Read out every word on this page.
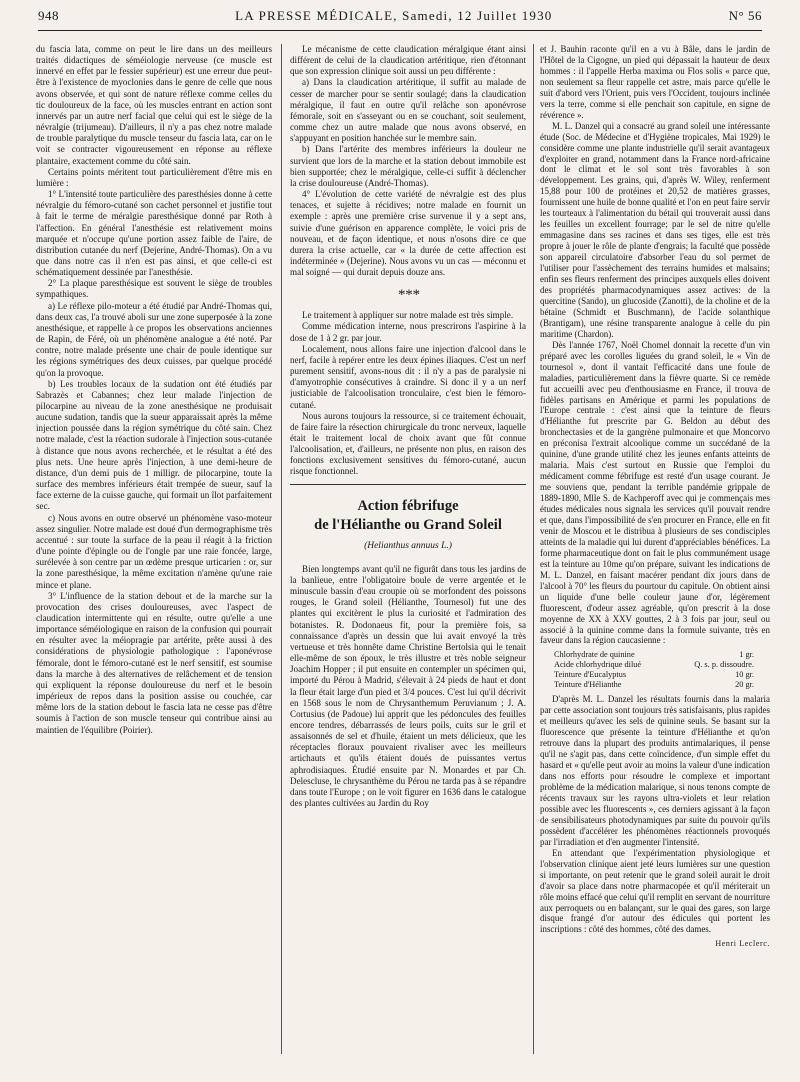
948	LA PRESSE MÉDICALE, Samedi, 12 Juillet 1930	N° 56

du fascia lata, comme on peut le lire dans un des meilleurs traités didactiques de séméiologie nerveuse (ce muscle est innervé en effet par le fessier supérieur) est une erreur due peut-être à l'existence de myoclonies dans le genre de celle que nous avons observée, et qui sont de nature réflexe comme celles du tic douloureux de la face, où les muscles entrant en action sont innervés par un autre nerf facial que celui qui est le siège de la névralgie (trijumeau). D'ailleurs, il n'y a pas chez notre malade de trouble paralytique du muscle tenseur du fascia lata, car on le voit se contracter vigoureusement en réponse au réflexe plantaire, exactement comme du côté sain.

Certains points méritent tout particulièrement d'être mis en lumière :

1° L'intensité toute particulière des paresthésies donne à cette névralgie du fémoro-cutané son cachet personnel et justifie tout à fait le terme de méralgie paresthésique donné par Roth à l'affection. En général l'anesthésie est relativement moins marquée et n'occupe qu'une portion assez faible de l'aire, de distribution cutanée du nerf (Dejerine, André-Thomas). On a vu que dans notre cas il n'en est pas ainsi, et que celle-ci est schématiquement dessinée par l'anesthésie.

2° La plaque paresthésique est souvent le siège de troubles sympathiques.

a) Le réflexe pilo-moteur a été étudié par André-Thomas qui, dans deux cas, l'a trouvé aboli sur une zone superposée à la zone anesthésique, et rappelle à ce propos les observations anciennes de Rapin, de Féré, où un phénomène analogue a été noté. Par contre, notre malade présente une chair de poule identique sur les régions symétriques des deux cuisses, par quelque procédé qu'on la provoque.

b) Les troubles locaux de la sudation ont été étudiés par Sabrazès et Cabannes; chez leur malade l'injection de pilocarpine au niveau de la zone anesthésique ne produisait aucune sudation, tandis que la sueur apparaissait après la même injection poussée dans la région symétrique du côté sain. Chez notre malade, c'est la réaction sudorale à l'injection sous-cutanée à distance que nous avons recherchée, et le résultat a été des plus nets. Une heure après l'injection, à une demi-heure de distance, d'un demi puis de 1 milligr. de pilocarpine, toute la surface des membres inférieurs était trempée de sueur, sauf la face externe de la cuisse gauche, qui formait un îlot parfaitement sec.

c) Nous avons en outre observé un phénomène vaso-moteur assez singulier. Notre malade est doué d'un dermographisme très accentué : sur toute la surface de la peau il réagit à la friction d'une pointe d'épingle ou de l'ongle par une raie foncée, large, surélevée à son centre par un œdème presque urticarien : or, sur la zone paresthésique, la même excitation n'amène qu'une raie mince et plane.

3° L'influence de la station debout et de la marche sur la provocation des crises douloureuses, avec l'aspect de claudication intermittente qui en résulte, outre qu'elle a une importance séméiologique en raison de la confusion qui pourrait en résulter avec la méiopragie par artérite, prête aussi à des considérations de physiologie pathologique : l'aponévrose fémorale, dont le fémoro-cutané est le nerf sensitif, est soumise dans la marche à des alternatives de relâchement et de tension qui expliquent la réponse douloureuse du nerf et le besoin impérieux de repos dans la position assise ou couchée, car même lors de la station debout le fascia lata ne cesse pas d'être soumis à l'action de son muscle tenseur qui contribue ainsi au maintien de l'équilibre (Poirier).

Le mécanisme de cette claudication méralgique étant ainsi différent de celui de la claudication artéritique, rien d'étonnant que son expression clinique soit aussi un peu différente :

a) Dans la claudication artéritique, il suffit au malade de cesser de marcher pour se sentir soulagé; dans la claudication méralgique, il faut en outre qu'il relâche son aponévrose fémorale, soit en s'asseyant ou en se couchant, soit seulement, comme chez un autre malade que nous avons observé, en s'appuyant en position hanchée sur le membre sain.

b) Dans l'artérite des membres inférieurs la douleur ne survient que lors de la marche et la station debout immobile est bien supportée; chez le méralgique, celle-ci suffit à déclencher la crise douloureuse (André-Thomas).

4° L'évolution de cette variété de névralgie est des plus tenaces, et sujette à récidives; notre malade en fournit un exemple : après une première crise survenue il y a sept ans, suivie d'une guérison en apparence complète, le voici pris de nouveau, et de façon identique, et nous n'osons dire ce que durera la crise actuelle, car « la durée de cette affection est indéterminée » (Dejerine). Nous avons vu un cas — méconnu et mal soigné — qui durait depuis douze ans.

* * *

Le traitement à appliquer sur notre malade est très simple.

Comme médication interne, nous prescrirons l'aspirine à la dose de 1 à 2 gr. par jour.

Localement, nous allons faire une injection d'alcool dans le nerf, facile à repérer entre les deux épines iliaques. C'est un nerf purement sensitif, avons-nous dit : il n'y a pas de paralysie ni d'amyotrophie consécutives à craindre. Si donc il y a un nerf justiciable de l'alcoolisation tronculaire, c'est bien le fémoro-cutané.

Nous aurons toujours la ressource, si ce traitement échouait, de faire faire la résection chirurgicale du tronc nerveux, laquelle était le traitement local de choix avant que fût connue l'alcoolisation, et, d'ailleurs, ne présente non plus, en raison des fonctions exclusivement sensitives du fémoro-cutané, aucun risque fonctionnel.

Action fébrifuge
de l'Hélianthe ou Grand Soleil
(Helianthus annuus L.)

Bien longtemps avant qu'il ne figurât dans tous les jardins de la banlieue, entre l'obligatoire boule de verre argentée et le minuscule bassin d'eau croupie où se morfondent des poissons rouges, le Grand soleil (Hélianthe, Tournesol) fut une des plantes qui excitèrent le plus la curiosité et l'admiration des botanistes. R. Dodonaeus fit, pour la première fois, sa connaissance d'après un dessin que lui avait envoyé la très vertueuse et très honnête dame Christine Bertolsia qui le tenait elle-même de son époux, le très illustre et très noble seigneur Joachim Hopper ; il put ensuite en contempler un spécimen qui, importé du Pérou à Madrid, s'élevait à 24 pieds de haut et dont la fleur était large d'un pied et 3/4 pouces. C'est lui qu'il décrivit en 1568 sous le nom de Chrysanthemum Peruvianum ; J. A. Cortusius (de Padoue) lui apprit que les pédoncules des feuilles encore tendres, débarrassés de leurs poils, cuits sur le gril et assaisonnés de sel et d'huile, étaient un mets délicieux, que les réceptacles floraux pouvaient rivaliser avec les meilleurs artichauts et qu'ils étaient doués de puissantes vertus aphrodisiaques. Étudié ensuite par N. Monardes et par Ch. Delescluse, le chrysanthème du Pérou ne tarda pas à se répandre dans toute l'Europe ; on le voit figurer en 1636 dans le catalogue des plantes cultivées au Jardin du Roy

et J. Bauhin raconte qu'il en a vu à Bâle, dans le jardin de l'Hôtel de la Cigogne, un pied qui dépassait la hauteur de deux hommes : il l'appelle Herba maxima ou Flos solis « parce que, non seulement sa fleur rappelle cet astre, mais parce qu'elle le suit d'abord vers l'Orient, puis vers l'Occident, toujours inclinée vers la terre, comme si elle penchait son capitule, en signe de révérence ».

M. L. Danzel qui a consacré au grand soleil une intéressante étude (Soc. de Médecine et d'Hygiène tropicales, Mai 1929) le considère comme une plante industrielle qu'il serait avantageux d'exploiter en grand, notamment dans la France nord-africaine dont le climat et le sol sont très favorables à son développement. Les grains, qui, d'après W. Wiley, renferment 15,88 pour 100 de protéines et 20,52 de matières grasses, fournissent une huile de bonne qualité et l'on en peut faire servir les tourteaux à l'alimentation du bétail qui trouverait aussi dans les feuilles un excellent fourrage; par le sel de nitre qu'elle emmagasine dans ses racines et dans ses tiges, elle est très propre à jouer le rôle de plante d'engrais; la faculté que possède son appareil circulatoire d'absorber l'eau du sol permet de l'utiliser pour l'assèchement des terrains humides et malsains; enfin ses fleurs renferment des principes auxquels elles doivent des propriétés pharmacodynamiques assez actives: de la quercitine (Sando), un glucoside (Zanotti), de la choline et de la bétaïne (Schmidt et Buschmann), de l'acide solanthique (Brantigam), une résine transparente analogue à celle du pin maritime (Chardon).

Dès l'année 1767, Noël Chomel donnait la recette d'un vin préparé avec les corolles liguées du grand soleil, le « Vin de tournesol », dont il vantait l'efficacité dans une foule de maladies, particulièrement dans la fièvre quarte. Si ce remède fut accueilli avec peu d'enthousiasme en France, il trouva de fidèles partisans en Amérique et parmi les populations de l'Europe centrale : c'est ainsi que la teinture de fleurs d'Hélianthe fut prescrite par G. Beldon au début des bronchectasies et de la gangrène pulmonaire et que Moncorvo en préconisa l'extrait alcoolique comme un succédané de la quinine, d'une grande utilité chez les jeunes enfants atteints de malaria. Mais c'est surtout en Russie que l'emploi du médicament comme fébrifuge est resté d'un usage courant. Je me souviens que, pendant la terrible pandémie grippale de 1889-1890, Mlle S. de Kachperoff avec qui je commençais mes études médicales nous signala les services qu'il pouvait rendre et que, dans l'impossibilité de s'en procurer en France, elle en fit venir de Moscou et le distribua à plusieurs de ses condisciples atteints de la maladie qui lui durent d'appréciables bénéfices. La forme pharmaceutique dont on fait le plus communément usage est la teinture au 10me qu'on prépare, suivant les indications de M. L. Danzel, en faisant macérer pendant dix jours dans de l'alcool à 70° les fleurs du pourtour du capitule. On obtient ainsi un liquide d'une belle couleur jaune d'or, légèrement fluorescent, d'odeur assez agréable, qu'on prescrit à la dose moyenne de XX à XXV gouttes, 2 à 3 fois par jour, seul ou associé à la quinine comme dans la formule suivante, très en faveur dans la région caucasienne :

Chlorhydrate de quinine	1 gr.
Acide chlorhydrique dilué	Q. s. p. dissoudre.
Teinture d'Eucalyptus	10 gr.
Teinture d'Hélianthe	20 gr.

D'après M. L. Danzel les résultats fournis dans la malaria par cette association sont toujours très satisfaisants, plus rapides et meilleurs qu'avec les sels de quinine seuls. Se basant sur la fluorescence que présente la teinture d'Hélianthe et qu'on retrouve dans la plupart des produits antimalariques, il pense qu'il ne s'agit pas, dans cette coïncidence, d'un simple effet du hasard et « qu'elle peut avoir au moins la valeur d'une indication dans nos efforts pour résoudre le complexe et important problème de la médication malarique, si nous tenons compte de récents travaux sur les rayons ultra-violets et leur relation possible avec les fluorescents », ces derniers agissant à la façon de sensibilisateurs photodynamiques par suite du pouvoir qu'ils possèdent d'accélérer les phénomènes réactionnels provoqués par l'irradiation et d'en augmenter l'intensité.

En attendant que l'expérimentation physiologique et l'observation clinique aient jeté leurs lumières sur une question si importante, on peut retenir que le grand soleil aurait le droit d'avoir sa place dans notre pharmacopée et qu'il mériterait un rôle moins effacé que celui qu'il remplit en servant de nourriture aux perroquets ou en balançant, sur le quai des gares, son large disque frangé d'or autour des édicules qui portent les inscriptions : côté des hommes, côté des dames.

Henri Leclerc.
